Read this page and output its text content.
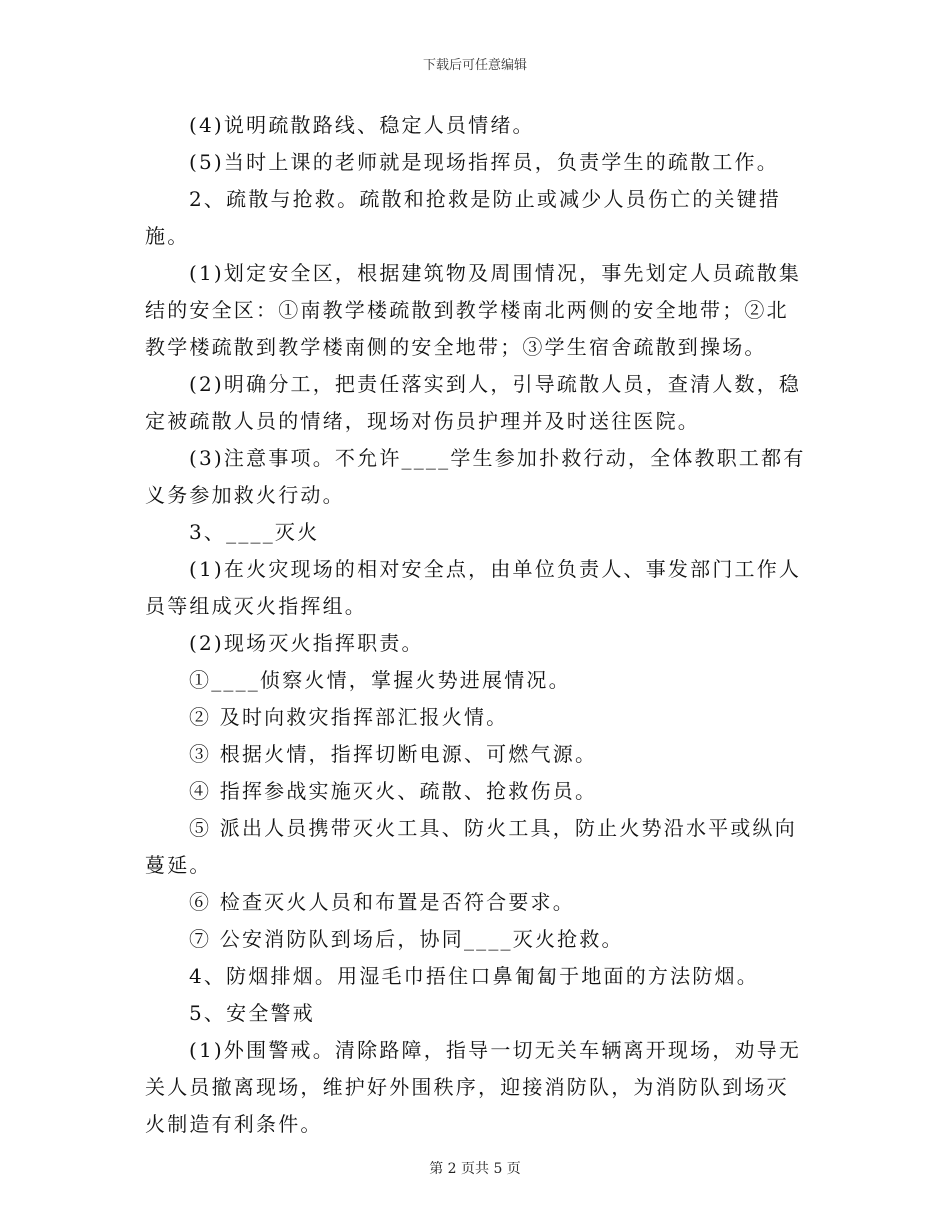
下载后可任意编辑

(4)说明疏散路线、稳定人员情绪。

(5)当时上课的老师就是现场指挥员，负责学生的疏散工作。

2、疏散与抢救。疏散和抢救是防止或减少人员伤亡的关键措施。

(1)划定安全区，根据建筑物及周围情况，事先划定人员疏散集结的安全区：①南教学楼疏散到教学楼南北两侧的安全地带；②北教学楼疏散到教学楼南侧的安全地带；③学生宿舍疏散到操场。

(2)明确分工，把责任落实到人，引导疏散人员，查清人数，稳定被疏散人员的情绪，现场对伤员护理并及时送往医院。

(3)注意事项。不允许____学生参加扑救行动，全体教职工都有义务参加救火行动。

3、____灭火

(1)在火灾现场的相对安全点，由单位负责人、事发部门工作人员等组成灭火指挥组。

(2)现场灭火指挥职责。

①____侦察火情，掌握火势进展情况。

② 及时向救灾指挥部汇报火情。

③ 根据火情，指挥切断电源、可燃气源。

④ 指挥参战实施灭火、疏散、抢救伤员。

⑤ 派出人员携带灭火工具、防火工具，防止火势沿水平或纵向蔓延。

⑥ 检查灭火人员和布置是否符合要求。

⑦ 公安消防队到场后，协同____灭火抢救。

4、防烟排烟。用湿毛巾捂住口鼻匍匐于地面的方法防烟。

5、安全警戒

(1)外围警戒。清除路障，指导一切无关车辆离开现场，劝导无关人员撤离现场，维护好外围秩序，迎接消防队，为消防队到场灭火制造有利条件。

第 2 页共 5 页
